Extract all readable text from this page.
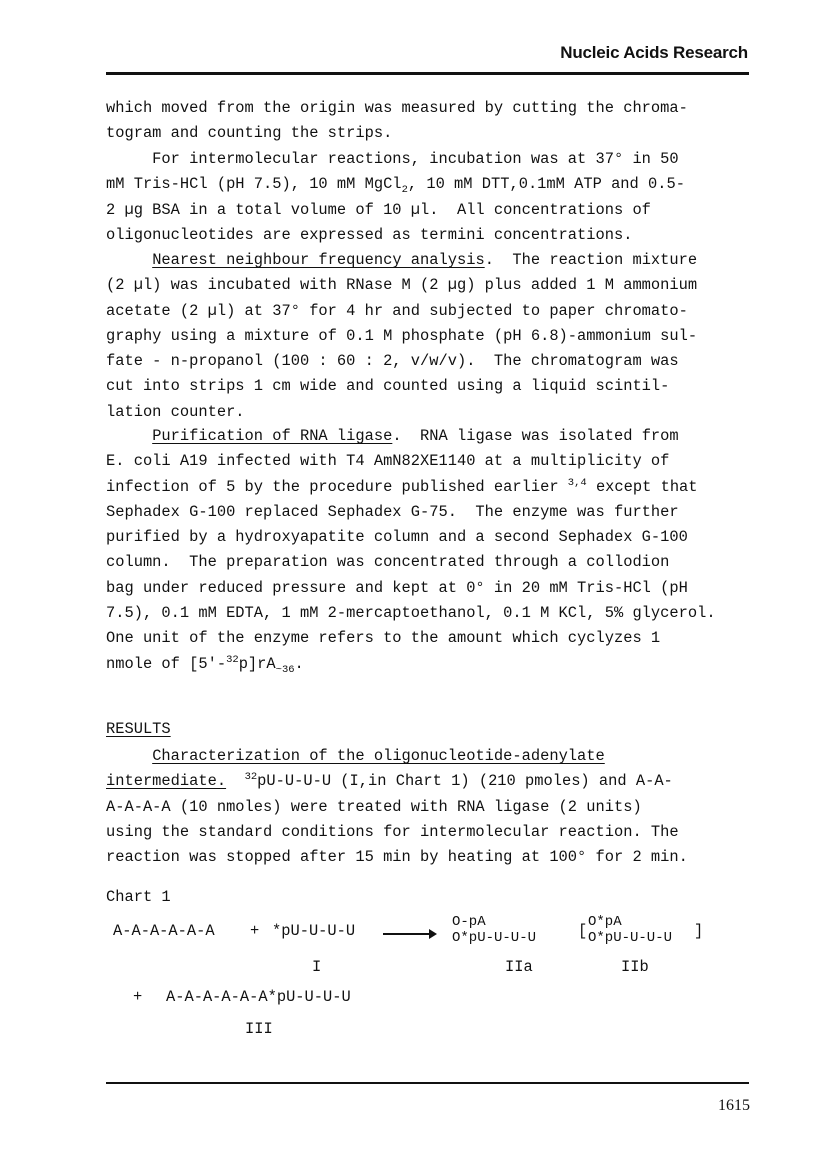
Nucleic Acids Research
which moved from the origin was measured by cutting the chroma-
togram and counting the strips.
For intermolecular reactions, incubation was at 37° in 50
mM Tris-HCl (pH 7.5), 10 mM MgCl$_2$, 10 mM DTT,0.1mM ATP and 0.5-
2 µg BSA in a total volume of 10 µl.  All concentrations of
oligonucleotides are expressed as termini concentrations.
Nearest neighbour frequency analysis.  The reaction mixture
(2 µl) was incubated with RNase M (2 µg) plus added 1 M ammonium
acetate (2 µl) at 37° for 4 hr and subjected to paper chromato-
graphy using a mixture of 0.1 M phosphate (pH 6.8)-ammonium sul-
fate - n-propanol (100 : 60 : 2, v/w/v).  The chromatogram was
cut into strips 1 cm wide and counted using a liquid scintil-
lation counter.
Purification of RNA ligase.  RNA ligase was isolated from
E. coli A19 infected with T4 AmN82XE1140 at a multiplicity of
infection of 5 by the procedure published earlier $^{3,4}$ except that
Sephadex G-100 replaced Sephadex G-75.  The enzyme was further
purified by a hydroxyapatite column and a second Sephadex G-100
column.  The preparation was concentrated through a collodion
bag under reduced pressure and kept at 0° in 20 mM Tris-HCl (pH
7.5), 0.1 mM EDTA, 1 mM 2-mercaptoethanol, 0.1 M KCl, 5% glycerol.
One unit of the enzyme refers to the amount which cyclyzes 1
nmole of $[5'-^{32}p]rA_{\sim 36}$.
RESULTS
Characterization of the oligonucleotide-adenylate
intermediate. $^{32}$pU-U-U-U (I,in Chart 1) (210 pmoles) and A-A-
A-A-A-A (10 nmoles) were treated with RNA ligase (2 units)
using the standard conditions for intermolecular reaction. The
reaction was stopped after 15 min by heating at 100° for 2 min.
Chart 1
A-A-A-A-A-A + *pU-U-U-U
I
O-pA
O*pU-U-U-U
IIa
[ O*pA
O*pU-U-U-U ]
IIb
+ A-A-A-A-A-A*pU-U-U-U
III
1615
